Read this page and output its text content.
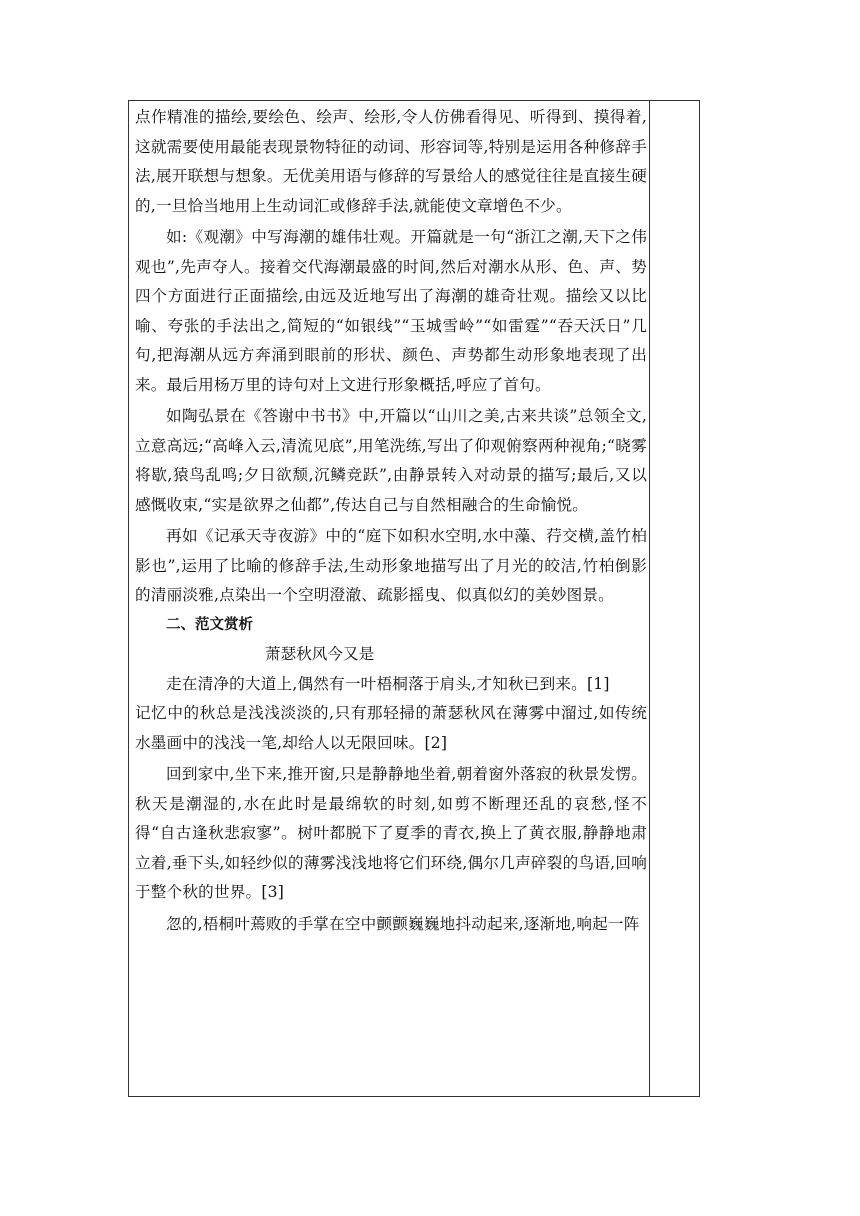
点作精准的描绘,要绘色、绘声、绘形,令人仿佛看得见、听得到、摸得着,这就需要使用最能表现景物特征的动词、形容词等,特别是运用各种修辞手法,展开联想与想象。无优美用语与修辞的写景给人的感觉往往是直接生硬的,一旦恰当地用上生动词汇或修辞手法,就能使文章增色不少。

如:《观潮》中写海潮的雄伟壮观。开篇就是一句“浙江之潮,天下之伟观也”,先声夺人。接着交代海潮最盛的时间,然后对潮水从形、色、声、势四个方面进行正面描绘,由远及近地写出了海潮的雄奇壮观。描绘又以比喻、夸张的手法出之,简短的“如银线”“玉城雪岭”“如雷霆”“吞天沃日”几句,把海潮从远方奔涌到眼前的形状、颜色、声势都生动形象地表现了出来。最后用杨万里的诗句对上文进行形象概括,呼应了首句。

如陶弘景在《答谢中书书》中,开篇以“山川之美,古来共谈”总领全文,立意高远;“高峰入云,清流见底”,用笔洗练,写出了仰观俯察两种视角;“晓雾将歇,猿鸟乱鸣;夕日欲颓,沉鳞竞跃”,由静景转入对动景的描写;最后,又以感慨收束,“实是欲界之仙都”,传达自己与自然相融合的生命愉悦。

再如《记承天寺夜游》中的“庭下如积水空明,水中藻、荇交横,盖竹柏影也”,运用了比喻的修辞手法,生动形象地描写出了月光的皎洁,竹柏倒影的清丽淡雅,点染出一个空明澄澈、疏影摇曳、似真似幻的美妙图景。

二、范文赏析

萧瑟秋风今又是

走在清净的大道上,偶然有一叶梧桐落于肩头,才知秋已到来。[1]

记忆中的秋总是浅浅淡淡的,只有那轻掃的萧瑟秋风在薄雾中溜过,如传统水墨画中的浅浅一笔,却给人以无限回味。[2]

回到家中,坐下来,推开窗,只是静静地坐着,朝着窗外落寂的秋景发愣。秋天是潮湿的,水在此时是最绵软的时刻,如剪不断理还乱的哀愁,怪不得“自古逢秋悲寂寥”。树叶都脱下了夏季的青衣,换上了黄衣服,静静地肃立着,垂下头,如轻纱似的薄雾浅浅地将它们环绕,偶尔几声碎裂的鸟语,回响于整个秋的世界。[3]

忽的,梧桐叶蔫败的手掌在空中颤颤巍巍地抖动起来,逐渐地,响起一阵
